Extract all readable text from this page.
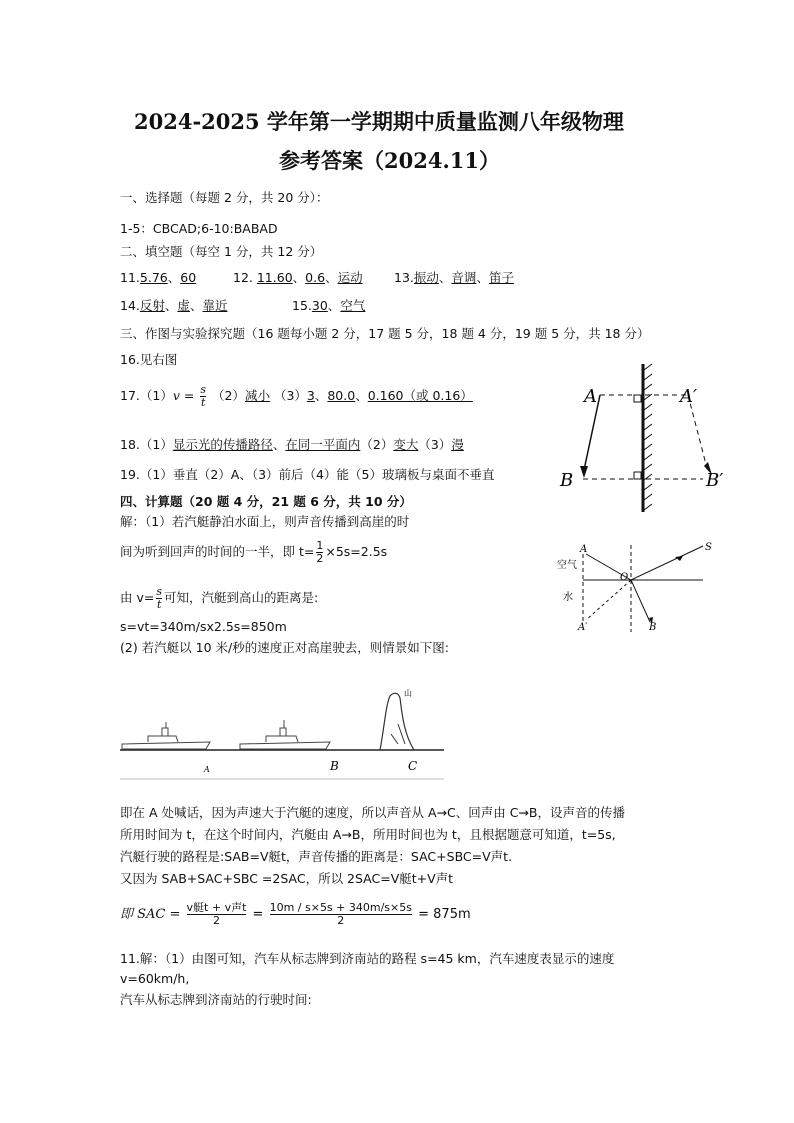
2024-2025 学年第一学期期中质量监测八年级物理
参考答案（2024.11）
一、选择题（每题 2 分，共 20 分）：
1-5：CBCAD;6-10:BABAD
二、填空题（每空 1 分，共 12 分）
11.5.76、60	12. 11.60、0.6、运动	13.振动、音调、笛子
14.反射、虚、靠近	15.30、空气
三、作图与实验探究题（16 题每小题 2 分，17 题 5 分，18 题 4 分，19 题 5 分，共 18 分）
16.见右图
$17.(1)v = \frac{s}{t} (2)$减小 （3）3、80.0、0.160（或 0.16）
18.（1）显示光的传播路径、在同一平面内（2）变大（3）漫
19.（1）垂直（2）A、（3）前后（4）能（5）玻璃板与桌面不垂直
四、计算题（20 题 4 分，21 题 6 分，共 10 分）
解：（1）若汽艇静泊水面上，则声音传播到高崖的时
间为听到回声的时间的一半，即 $t= \frac{1}{2} \times 5s=2.5s$
由 $v= \frac{s}{t}$ 可知，汽艇到高山的距离是:
s=vt=340m/sx2.5s=850m
(2) 若汽艇以 10 米/秒的速度正对高崖驶去，则情景如下图:
即在 A 处喊话，因为声速大于汽艇的速度，所以声音从 A→C、回声由 C→B，设声音的传播
所用时间为 t，在这个时间内，汽艇由 A→B，所用时间也为 t，且根据题意可知道，t=5s,
汽艇行驶的路程是:SAB=V艇t，声音传播的距离是：SAC+SBC=V声t.
又因为 SAB+SAC+SBC =2SAC，所以 2SAC=V艇t+V声t
即 SAC = $\frac{\text{v艇t + v声t}}{2} = \frac{10m / s\times 5s + 340m/s\times 5s}{2} = 875m$
11.解：（1）由图可知，汽车从标志牌到济南站的路程 s=45 km，汽车速度表显示的速度
v=60km/h,
汽车从标志牌到济南站的行驶时间:
A	A′
B	B′
空气
水
A
O
S
A′	B
山
A	B	C
